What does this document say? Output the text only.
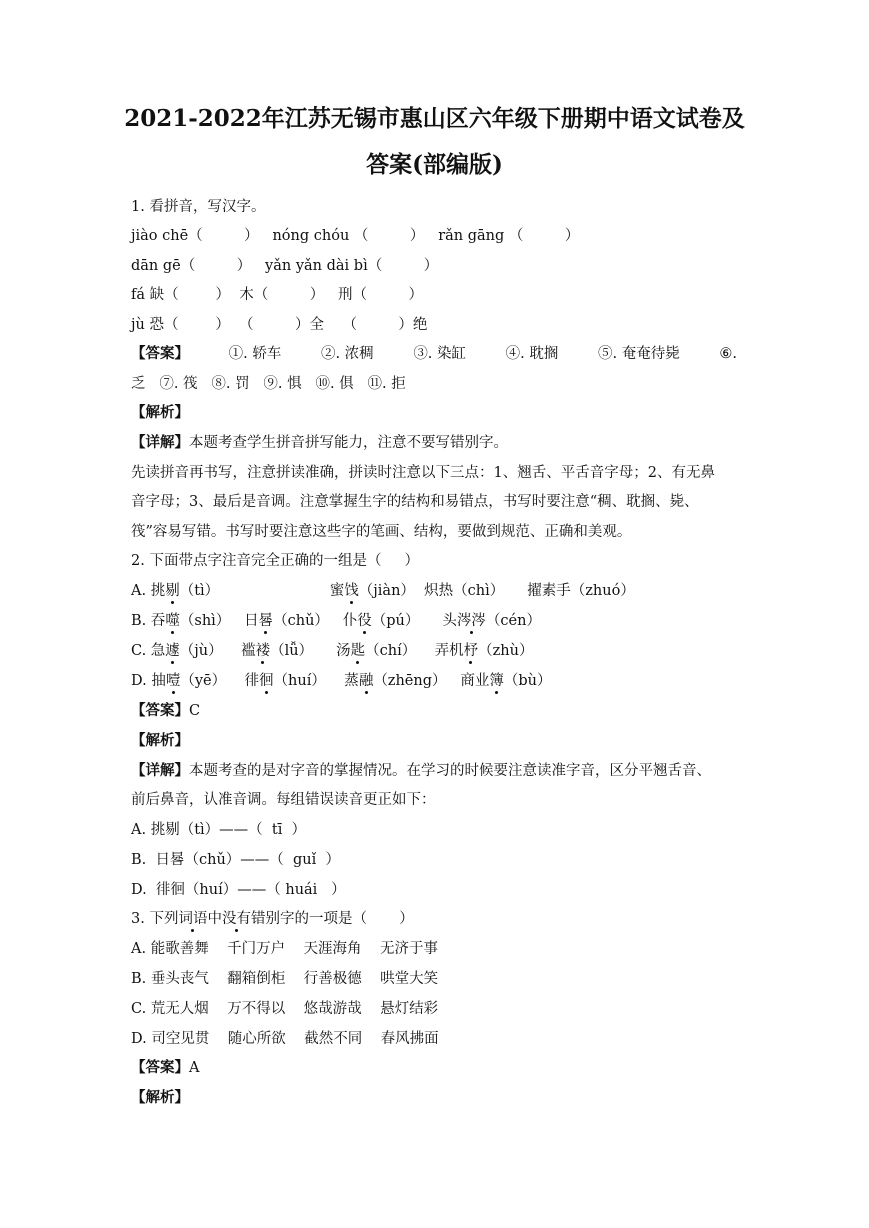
2021-2022年江苏无锡市惠山区六年级下册期中语文试卷及
答案(部编版)
1. 看拼音，写汉字。
jiào chē（         ）   nóng chóu （         ）   rǎn gāng （         ）
dān gē（         ）   yǎn yǎn dài bì（         ）
fá 缺（        ）  木（         ）   刑（         ）
jù 恐（        ）  （         ）全    （         ）绝
【答案】	①. 轿车	②. 浓稠	③. 染缸	④. 耽搁	⑤. 奄奄待毙	⑥.
乏   ⑦. 筏   ⑧. 罚   ⑨. 惧   ⑩. 俱   ⑪. 拒
【解析】
【详解】本题考查学生拼音拼写能力，注意不要写错别字。
先读拼音再书写，注意拼读准确，拼读时注意以下三点：1、翘舌、平舌音字母；2、有无鼻
音字母；3、最后是音调。注意掌握生字的结构和易错点，书写时要注意“稠、耽搁、毙、
筏”容易写错。书写时要注意这些字的笔画、结构，要做到规范、正确和美观。
2. 下面带点字注音完全正确的一组是（     ）
A. 挑剔（tì）                        蜜饯（jiàn）  炽热（chì）     擢素手（zhuó）
B. 吞噬（shì）   日晷（chǔ）   仆役（pú）     头涔涔（cén）
C. 急遽（jù）    褴褛（lǚ）     汤匙（chí）    弄机杼（zhù）
D. 抽噎（yē）    徘徊（huí）    蒸融（zhēng）   商业簿（bù）
【答案】C
【解析】
【详解】本题考查的是对字音的掌握情况。在学习的时候要注意读准字音，区分平翘舌音、
前后鼻音，认准音调。每组错误读音更正如下：
A. 挑剔（tì）——（  tī  ）
B.  日晷（chǔ）——（  guǐ  ）
D.  徘徊（huí）——（ huái   ）
3. 下列词语中没有错别字的一项是（       ）
A. 能歌善舞    千门万户    天涯海角    无济于事
B. 垂头丧气    翻箱倒柜    行善极德    哄堂大笑
C. 荒无人烟    万不得以    悠哉游哉    悬灯结彩
D. 司空见贯    随心所欲    截然不同    春风拂面
【答案】A
【解析】
